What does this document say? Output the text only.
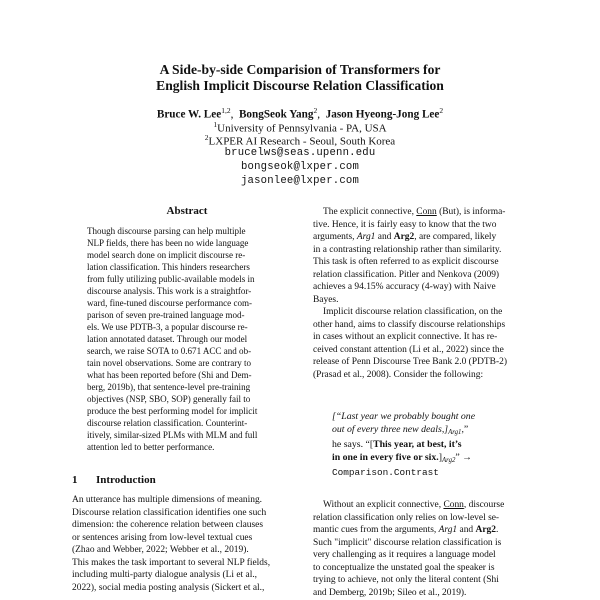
A Side-by-side Comparision of Transformers for
English Implicit Discourse Relation Classification
Bruce W. Lee$^{1,2}$,  BongSeok Yang$^2$,  Jason Hyeong-Jong Lee$^2$
$^1$University of Pennsylvania - PA, USA
$^2$LXPER AI Research - Seoul, South Korea
brucelws@seas.upenn.edu
bongseok@lxper.com
jasonlee@lxper.com
Abstract
Though discourse parsing can help multiple
NLP fields, there has been no wide language
model search done on implicit discourse re-
lation classification. This hinders researchers
from fully utilizing public-available models in
discourse analysis. This work is a straightfor-
ward, fine-tuned discourse performance com-
parison of seven pre-trained language mod-
els. We use PDTB-3, a popular discourse re-
lation annotated dataset. Through our model
search, we raise SOTA to 0.671 ACC and ob-
tain novel observations. Some are contrary to
what has been reported before (Shi and Dem-
berg, 2019b), that sentence-level pre-training
objectives (NSP, SBO, SOP) generally fail to
produce the best performing model for implicit
discourse relation classification. Counterint-
itively, similar-sized PLMs with MLM and full
attention led to better performance.
1 Introduction
An utterance has multiple dimensions of meaning.
Discourse relation classification identifies one such
dimension: the coherence relation between clauses
or sentences arising from low-level textual cues
(Zhao and Webber, 2022; Webber et al., 2019).
This makes the task important to several NLP fields,
including multi-party dialogue analysis (Li et al.,
2022), social media posting analysis (Sickert et al.,
The explicit connective, Conn (But), is informa-
tive. Hence, it is fairly easy to know that the two
arguments, Arg1 and Arg2, are compared, likely
in a contrasting relationship rather than similarity.
This task is often referred to as explicit discourse
relation classification. Pitler and Nenkova (2009)
achieves a 94.15% accuracy (4-way) with Naive
Bayes.
Implicit discourse relation classification, on the
other hand, aims to classify discourse relationships
in cases without an explicit connective. It has re-
ceived constant attention (Li et al., 2022) since the
release of Penn Discourse Tree Bank 2.0 (PDTB-2)
(Prasad et al., 2008). Consider the following:
[“Last year we probably bought one
out of every three new $deals,]_{Arg1}$,”
he says. “[This year, at best, it’s
in one in every five or $six.]_{Arg2}$” →
Comparison.Contrast
Without an explicit connective, Conn, discourse
relation classification only relies on low-level se-
mantic cues from the arguments, Arg1 and Arg2.
Such "implicit" discourse relation classification is
very challenging as it requires a language model
to conceptualize the unstated goal the speaker is
trying to achieve, not only the literal content (Shi
and Demberg, 2019b; Sileo et al., 2019).
